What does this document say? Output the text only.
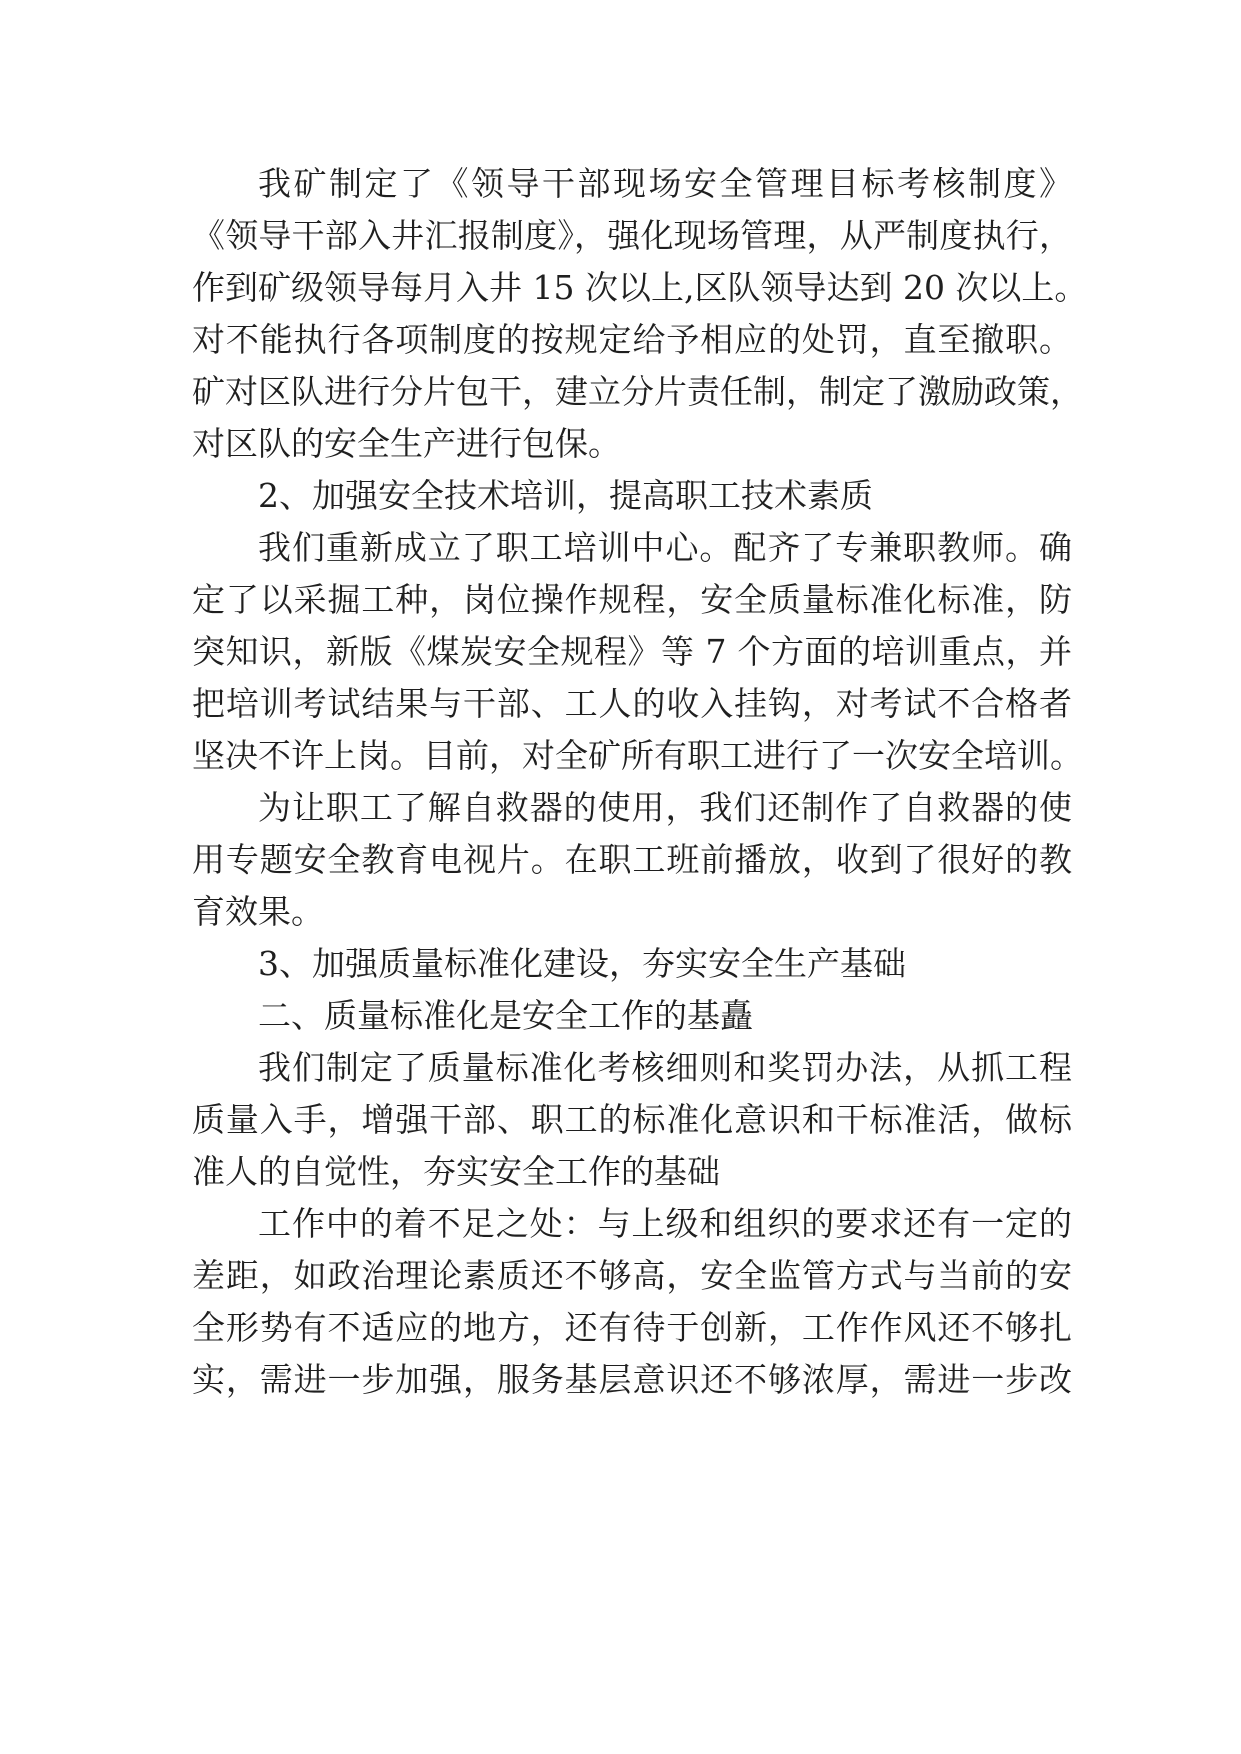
我矿制定了《领导干部现场安全管理目标考核制度》
《领导干部入井汇报制度》，强化现场管理，从严制度执行，
作到矿级领导每月入井 15 次以上,区队领导达到 20 次以上。
对不能执行各项制度的按规定给予相应的处罚，直至撤职。
矿对区队进行分片包干，建立分片责任制，制定了激励政策，
对区队的安全生产进行包保。
2、加强安全技术培训，提高职工技术素质
我们重新成立了职工培训中心。配齐了专兼职教师。确
定了以采掘工种，岗位操作规程，安全质量标准化标准，防
突知识，新版《煤炭安全规程》等 7 个方面的培训重点，并
把培训考试结果与干部、工人的收入挂钩，对考试不合格者
坚决不许上岗。目前，对全矿所有职工进行了一次安全培训。
为让职工了解自救器的使用，我们还制作了自救器的使
用专题安全教育电视片。在职工班前播放，收到了很好的教
育效果。
3、加强质量标准化建设，夯实安全生产基础
二、质量标准化是安全工作的基矗
我们制定了质量标准化考核细则和奖罚办法，从抓工程
质量入手，增强干部、职工的标准化意识和干标准活，做标
准人的自觉性，夯实安全工作的基础
工作中的着不足之处：与上级和组织的要求还有一定的
差距，如政治理论素质还不够高，安全监管方式与当前的安
全形势有不适应的地方，还有待于创新，工作作风还不够扎
实，需进一步加强，服务基层意识还不够浓厚，需进一步改
